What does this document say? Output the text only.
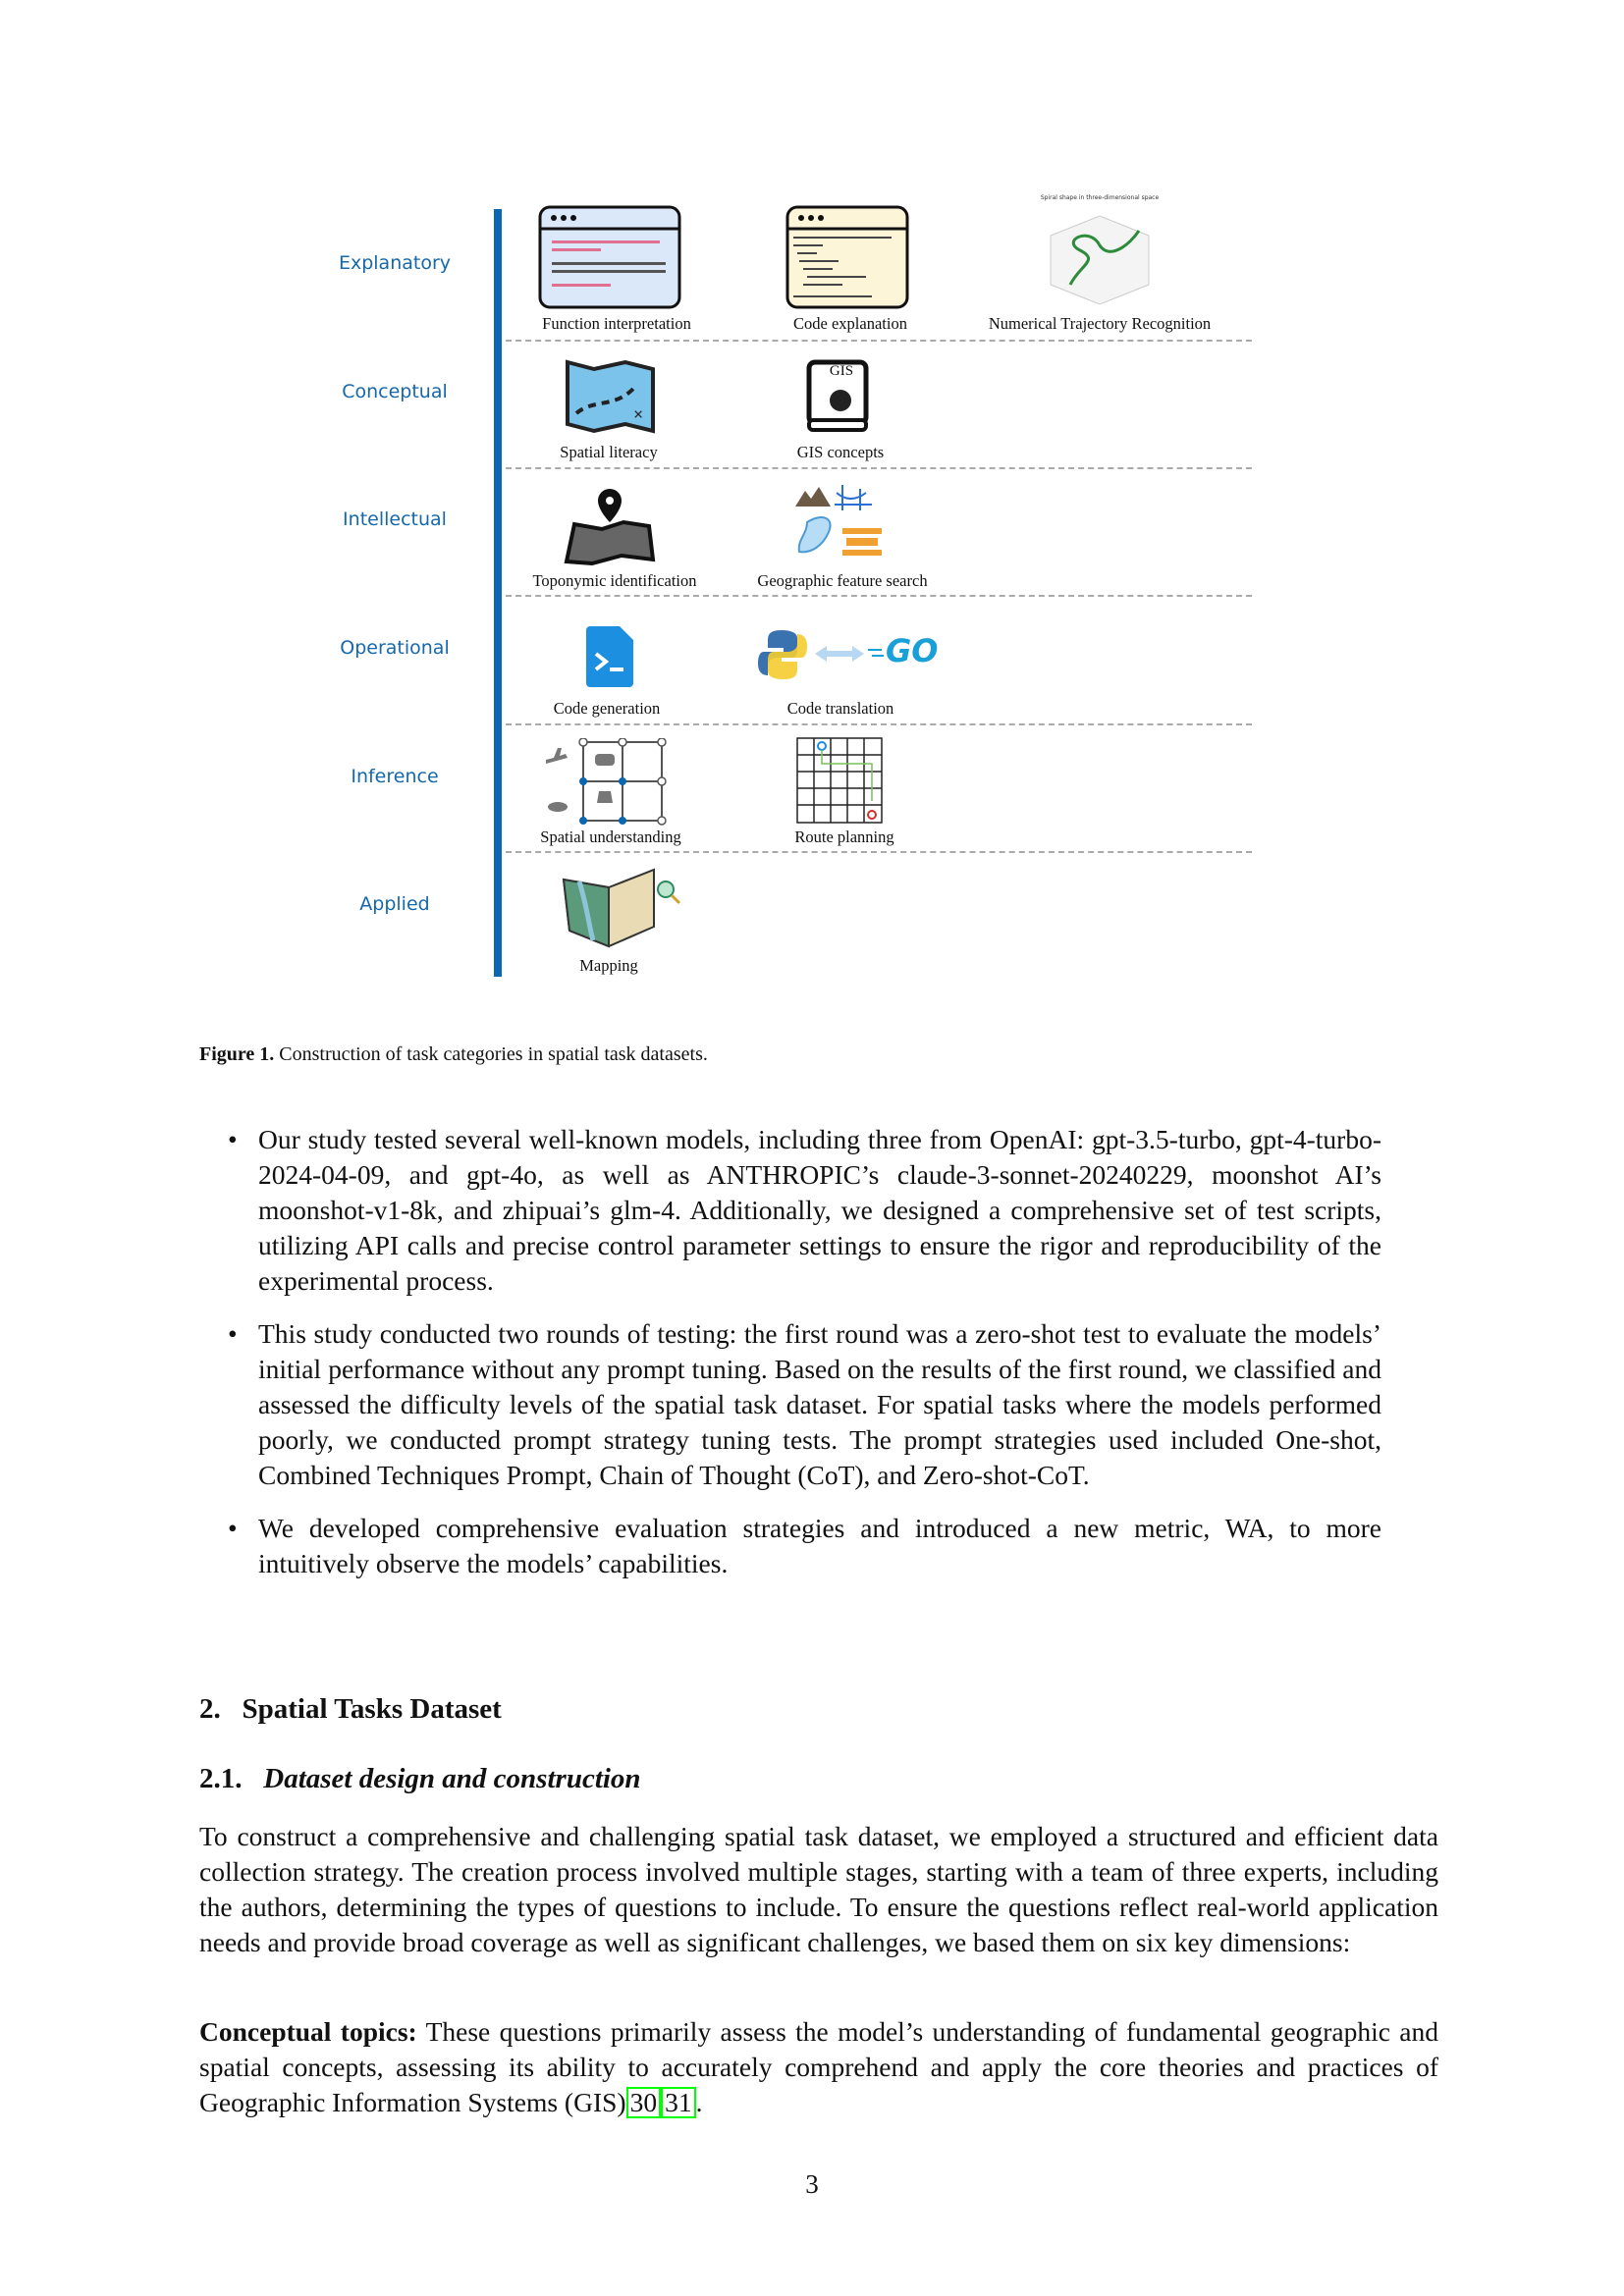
Explanatory
Conceptual
Intellectual
Operational
Inference
Applied
Spiral shape in three-dimensional space
Function interpretation	Code explanation	Numerical Trajectory Recognition
×
GIS
Spatial literacy	GIS concepts
Toponymic identification	Geographic feature search
GO
Code generation	Code translation
Spatial understanding	Route planning
Mapping
Figure 1. Construction of task categories in spatial task datasets.
• Our study tested several well-known models, including three from OpenAI: gpt-3.5-turbo, gpt-4-turbo-2024-04-09, and gpt-4o, as well as ANTHROPIC’s claude-3-sonnet-20240229, moonshot AI’s moonshot-v1-8k, and zhipuai’s glm-4. Additionally, we designed a comprehensive set of test scripts, utilizing API calls and precise control parameter settings to ensure the rigor and reproducibility of the experimental process.
• This study conducted two rounds of testing: the first round was a zero-shot test to evaluate the models’ initial performance without any prompt tuning. Based on the results of the first round, we classified and assessed the difficulty levels of the spatial task dataset. For spatial tasks where the models performed poorly, we conducted prompt strategy tuning tests. The prompt strategies used included One-shot, Combined Techniques Prompt, Chain of Thought (CoT), and Zero-shot-CoT.
• We developed comprehensive evaluation strategies and introduced a new metric, WA, to more intuitively observe the models’ capabilities.
2. Spatial Tasks Dataset
2.1. Dataset design and construction
To construct a comprehensive and challenging spatial task dataset, we employed a structured and efficient data collection strategy. The creation process involved multiple stages, starting with a team of three experts, including the authors, determining the types of questions to include. To ensure the questions reflect real-world application needs and provide broad coverage as well as significant challenges, we based them on six key dimensions:
Conceptual topics: These questions primarily assess the model’s understanding of fundamental geographic and spatial concepts, assessing its ability to accurately comprehend and apply the core theories and practices of Geographic Information Systems (GIS) 30 31 .
3
